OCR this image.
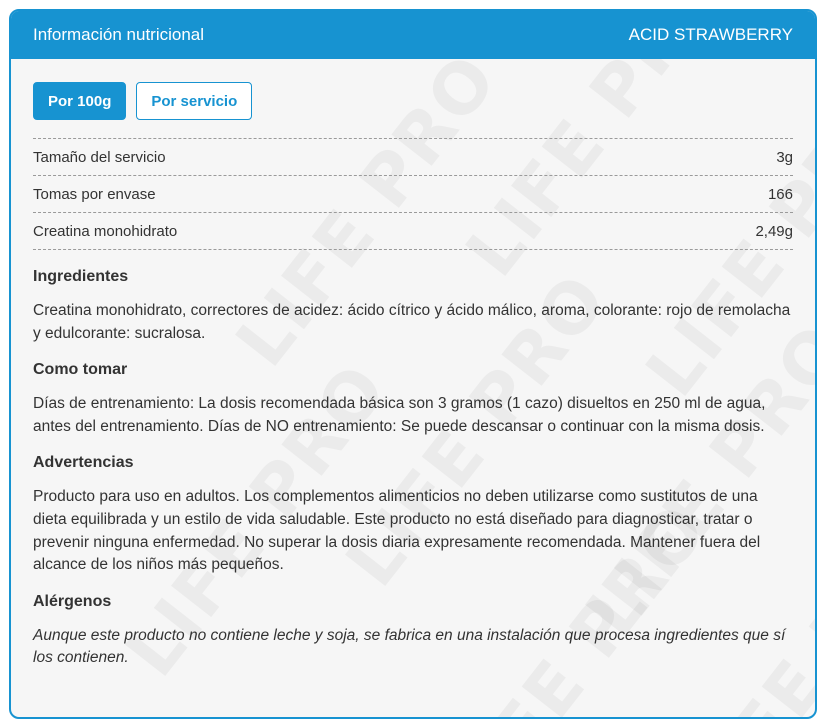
Información nutricional	ACID STRAWBERRY
Por 100g	Por servicio
Tamaño del servicio	3g
Tomas por envase	166
Creatina monohidrato	2,49g
Ingredientes
Creatina monohidrato, correctores de acidez: ácido cítrico y ácido málico, aroma, colorante: rojo de remolacha y edulcorante: sucralosa.
Como tomar
Días de entrenamiento: La dosis recomendada básica son 3 gramos (1 cazo) disueltos en 250 ml de agua, antes del entrenamiento. Días de NO entrenamiento: Se puede descansar o continuar con la misma dosis.
Advertencias
Producto para uso en adultos. Los complementos alimenticios no deben utilizarse como sustitutos de una dieta equilibrada y un estilo de vida saludable. Este producto no está diseñado para diagnosticar, tratar o prevenir ninguna enfermedad. No superar la dosis diaria expresamente recomendada. Mantener fuera del alcance de los niños más pequeños.
Alérgenos
Aunque este producto no contiene leche y soja, se fabrica en una instalación que procesa ingredientes que sí los contienen.
